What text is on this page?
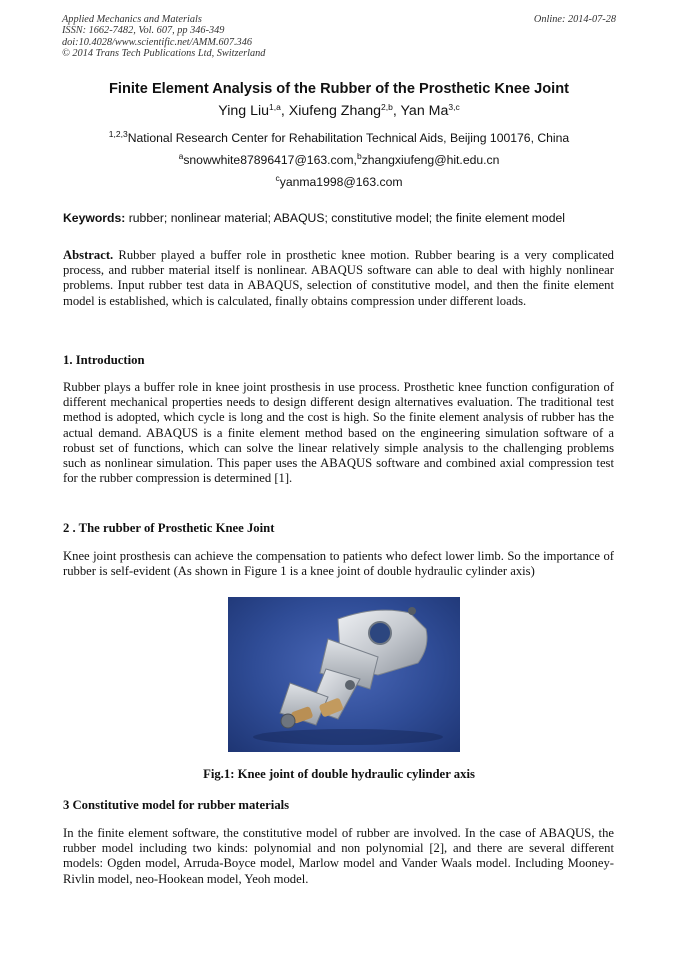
Applied Mechanics and Materials
ISSN: 1662-7482, Vol. 607, pp 346-349
doi:10.4028/www.scientific.net/AMM.607.346
© 2014 Trans Tech Publications Ltd, Switzerland
Online: 2014-07-28
Finite Element Analysis of the Rubber of the Prosthetic Knee Joint
Ying Liu$^{1,a}$, Xiufeng Zhang$^{2,b}$, Yan Ma$^{3,c}$
$^{1,2,3}$National Research Center for Rehabilitation Technical Aids, Beijing 100176, China
$^a$snowwhite87896417@163.com,$^b$zhangxiufeng@hit.edu.cn
$^c$yanma1998@163.com
Keywords: rubber; nonlinear material; ABAQUS; constitutive model; the finite element model

Abstract. Rubber played a buffer role in prosthetic knee motion. Rubber bearing is a very complicated process, and rubber material itself is nonlinear. ABAQUS software can able to deal with highly nonlinear problems. Input rubber test data in ABAQUS, selection of constitutive model, and then the finite element model is established, which is calculated, finally obtains compression under different loads.

1. Introduction

Rubber plays a buffer role in knee joint prosthesis in use process. Prosthetic knee function configuration of different mechanical properties needs to design different design alternatives evaluation. The traditional test method is adopted, which cycle is long and the cost is high. So the finite element analysis of rubber has the actual demand. ABAQUS is a finite element method based on the engineering simulation software of a robust set of functions, which can solve the linear relatively simple analysis to the challenging problems such as nonlinear simulation. This paper uses the ABAQUS software and combined axial compression test for the rubber compression is determined [1].

2 . The rubber of Prosthetic Knee Joint

Knee joint prosthesis can achieve the compensation to patients who defect lower limb. So the importance of rubber is self-evident (As shown in Figure 1 is a knee joint of double hydraulic cylinder axis)

Fig.1: Knee joint of double hydraulic cylinder axis
3 Constitutive model for rubber materials

In the finite element software, the constitutive model of rubber are involved. In the case of ABAQUS, the rubber model including two kinds: polynomial and non polynomial [2], and there are several different models: Ogden model, Arruda-Boyce model, Marlow model and Vander Waals model. Including Mooney-Rivlin model, neo-Hookean model, Yeoh model.
